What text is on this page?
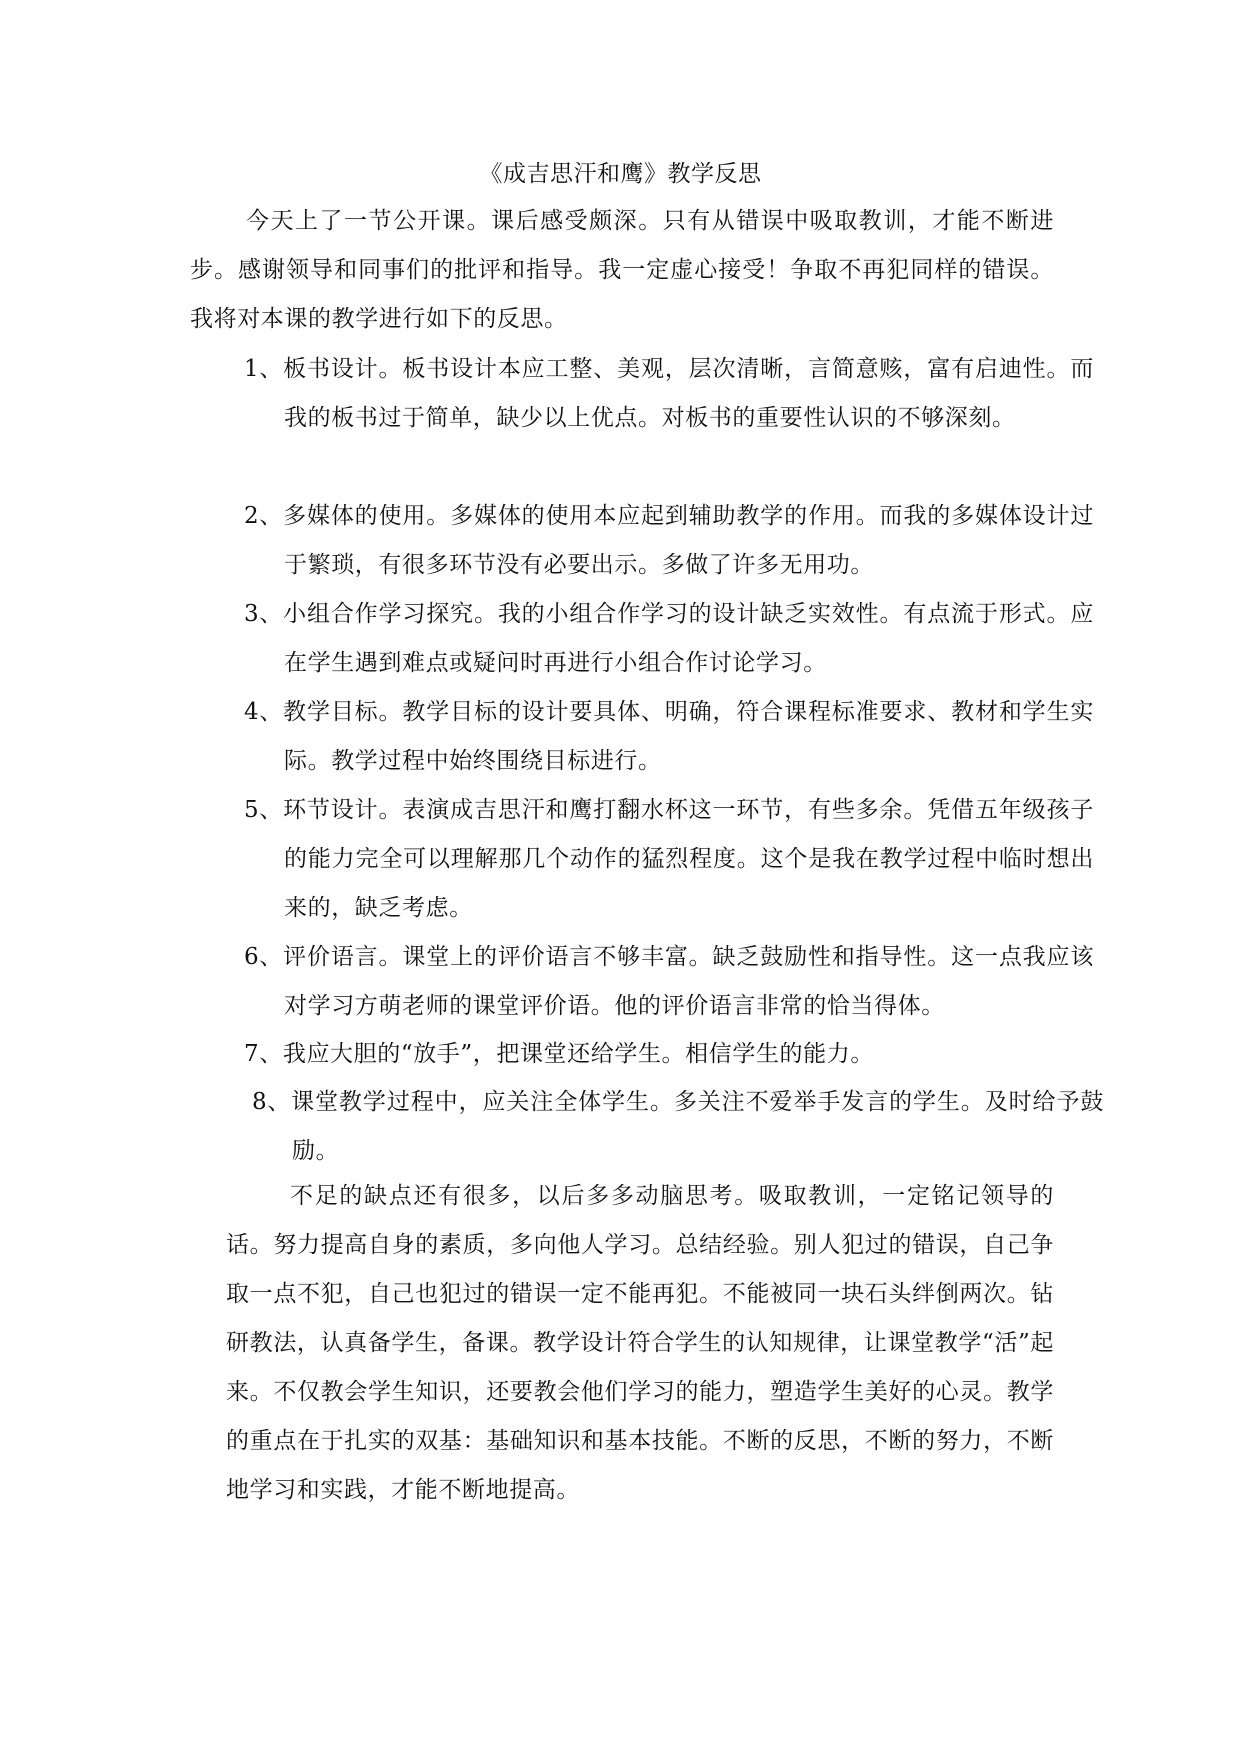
《成吉思汗和鹰》教学反思

今天上了一节公开课。课后感受颇深。只有从错误中吸取教训，才能不断进步。感谢领导和同事们的批评和指导。我一定虚心接受！争取不再犯同样的错误。我将对本课的教学进行如下的反思。

1、板书设计。板书设计本应工整、美观，层次清晰，言简意赅，富有启迪性。而我的板书过于简单，缺少以上优点。对板书的重要性认识的不够深刻。
2、多媒体的使用。多媒体的使用本应起到辅助教学的作用。而我的多媒体设计过于繁琐，有很多环节没有必要出示。多做了许多无用功。
3、小组合作学习探究。我的小组合作学习的设计缺乏实效性。有点流于形式。应在学生遇到难点或疑问时再进行小组合作讨论学习。
4、教学目标。教学目标的设计要具体、明确，符合课程标准要求、教材和学生实际。教学过程中始终围绕目标进行。
5、环节设计。表演成吉思汗和鹰打翻水杯这一环节，有些多余。凭借五年级孩子的能力完全可以理解那几个动作的猛烈程度。这个是我在教学过程中临时想出来的，缺乏考虑。
6、评价语言。课堂上的评价语言不够丰富。缺乏鼓励性和指导性。这一点我应该对学习方萌老师的课堂评价语。他的评价语言非常的恰当得体。
7、我应大胆的“放手”，把课堂还给学生。相信学生的能力。
8、课堂教学过程中，应关注全体学生。多关注不爱举手发言的学生。及时给予鼓励。

不足的缺点还有很多，以后多多动脑思考。吸取教训，一定铭记领导的话。努力提高自身的素质，多向他人学习。总结经验。别人犯过的错误，自己争取一点不犯，自己也犯过的错误一定不能再犯。不能被同一块石头绊倒两次。钻研教法，认真备学生，备课。教学设计符合学生的认知规律，让课堂教学“活”起来。不仅教会学生知识，还要教会他们学习的能力，塑造学生美好的心灵。教学的重点在于扎实的双基：基础知识和基本技能。不断的反思，不断的努力，不断地学习和实践，才能不断地提高。
